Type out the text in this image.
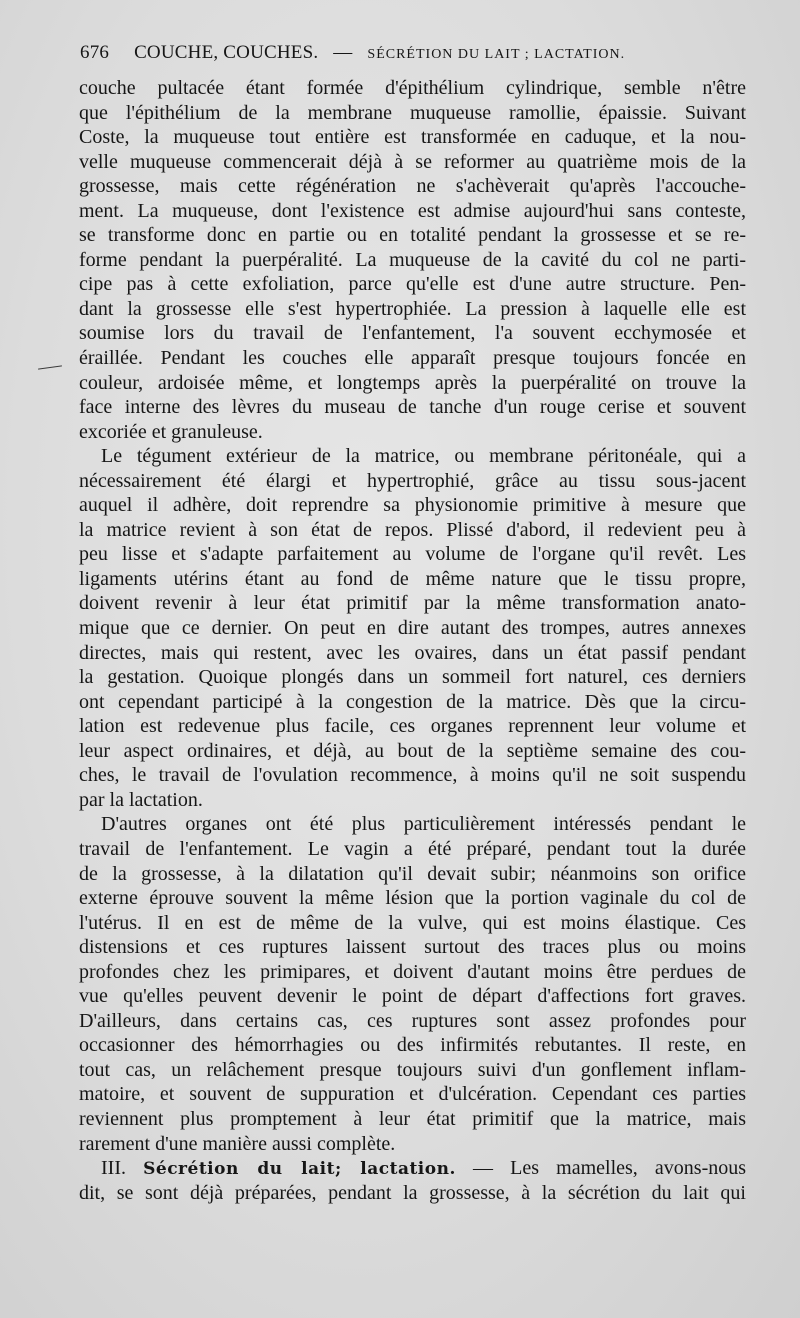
676 COUCHE, COUCHES. — SÉCRÉTION DU LAIT ; LACTATION.
couche pultacée étant formée d'épithélium cylindrique, semble n'être
que l'épithélium de la membrane muqueuse ramollie, épaissie. Suivant
Coste, la muqueuse tout entière est transformée en caduque, et la nou-
velle muqueuse commencerait déjà à se reformer au quatrième mois de la
grossesse, mais cette régénération ne s'achèverait qu'après l'accouche-
ment. La muqueuse, dont l'existence est admise aujourd'hui sans conteste,
se transforme donc en partie ou en totalité pendant la grossesse et se re-
forme pendant la puerpéralité. La muqueuse de la cavité du col ne parti-
cipe pas à cette exfoliation, parce qu'elle est d'une autre structure. Pen-
dant la grossesse elle s'est hypertrophiée. La pression à laquelle elle est
soumise lors du travail de l'enfantement, l'a souvent ecchymosée et
éraillée. Pendant les couches elle apparaît presque toujours foncée en
couleur, ardoisée même, et longtemps après la puerpéralité on trouve la
face interne des lèvres du museau de tanche d'un rouge cerise et souvent
excoriée et granuleuse.
Le tégument extérieur de la matrice, ou membrane péritonéale, qui a
nécessairement été élargi et hypertrophié, grâce au tissu sous-jacent
auquel il adhère, doit reprendre sa physionomie primitive à mesure que
la matrice revient à son état de repos. Plissé d'abord, il redevient peu à
peu lisse et s'adapte parfaitement au volume de l'organe qu'il revêt. Les
ligaments utérins étant au fond de même nature que le tissu propre,
doivent revenir à leur état primitif par la même transformation anato-
mique que ce dernier. On peut en dire autant des trompes, autres annexes
directes, mais qui restent, avec les ovaires, dans un état passif pendant
la gestation. Quoique plongés dans un sommeil fort naturel, ces derniers
ont cependant participé à la congestion de la matrice. Dès que la circu-
lation est redevenue plus facile, ces organes reprennent leur volume et
leur aspect ordinaires, et déjà, au bout de la septième semaine des cou-
ches, le travail de l'ovulation recommence, à moins qu'il ne soit suspendu
par la lactation.
D'autres organes ont été plus particulièrement intéressés pendant le
travail de l'enfantement. Le vagin a été préparé, pendant tout la durée
de la grossesse, à la dilatation qu'il devait subir; néanmoins son orifice
externe éprouve souvent la même lésion que la portion vaginale du col de
l'utérus. Il en est de même de la vulve, qui est moins élastique. Ces
distensions et ces ruptures laissent surtout des traces plus ou moins
profondes chez les primipares, et doivent d'autant moins être perdues de
vue qu'elles peuvent devenir le point de départ d'affections fort graves.
D'ailleurs, dans certains cas, ces ruptures sont assez profondes pour
occasionner des hémorrhagies ou des infirmités rebutantes. Il reste, en
tout cas, un relâchement presque toujours suivi d'un gonflement inflam-
matoire, et souvent de suppuration et d'ulcération. Cependant ces parties
reviennent plus promptement à leur état primitif que la matrice, mais
rarement d'une manière aussi complète.
III. Sécrétion du lait; lactation. — Les mamelles, avons-nous
dit, se sont déjà préparées, pendant la grossesse, à la sécrétion du lait qui
